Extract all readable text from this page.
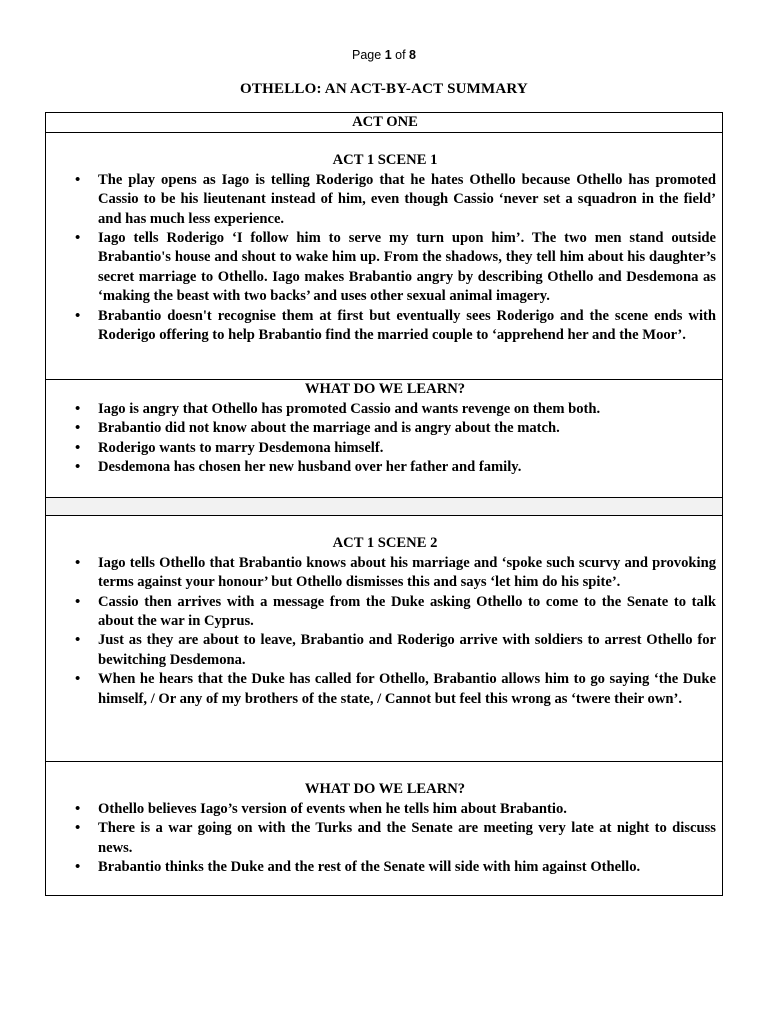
Page 1 of 8
OTHELLO: AN ACT-BY-ACT SUMMARY
ACT ONE

ACT 1 SCENE 1

• The play opens as Iago is telling Roderigo that he hates Othello because Othello has promoted Cassio to be his lieutenant instead of him, even though Cassio ‘never set a squadron in the field’ and has much less experience.
• Iago tells Roderigo ‘I follow him to serve my turn upon him’. The two men stand outside Brabantio's house and shout to wake him up. From the shadows, they tell him about his daughter’s secret marriage to Othello. Iago makes Brabantio angry by describing Othello and Desdemona as ‘making the beast with two backs’ and uses other sexual animal imagery.
• Brabantio doesn't recognise them at first but eventually sees Roderigo and the scene ends with Roderigo offering to help Brabantio find the married couple to ‘apprehend her and the Moor’.

WHAT DO WE LEARN?

• Iago is angry that Othello has promoted Cassio and wants revenge on them both.
• Brabantio did not know about the marriage and is angry about the match.
• Roderigo wants to marry Desdemona himself.
• Desdemona has chosen her new husband over her father and family.

ACT 1 SCENE 2

• Iago tells Othello that Brabantio knows about his marriage and ‘spoke such scurvy and provoking terms against your honour’ but Othello dismisses this and says ‘let him do his spite’.
• Cassio then arrives with a message from the Duke asking Othello to come to the Senate to talk about the war in Cyprus.
• Just as they are about to leave, Brabantio and Roderigo arrive with soldiers to arrest Othello for bewitching Desdemona.
• When he hears that the Duke has called for Othello, Brabantio allows him to go saying ‘the Duke himself, / Or any of my brothers of the state, / Cannot but feel this wrong as ‘twere their own’.

WHAT DO WE LEARN?

• Othello believes Iago’s version of events when he tells him about Brabantio.
• There is a war going on with the Turks and the Senate are meeting very late at night to discuss news.
• Brabantio thinks the Duke and the rest of the Senate will side with him against Othello.
